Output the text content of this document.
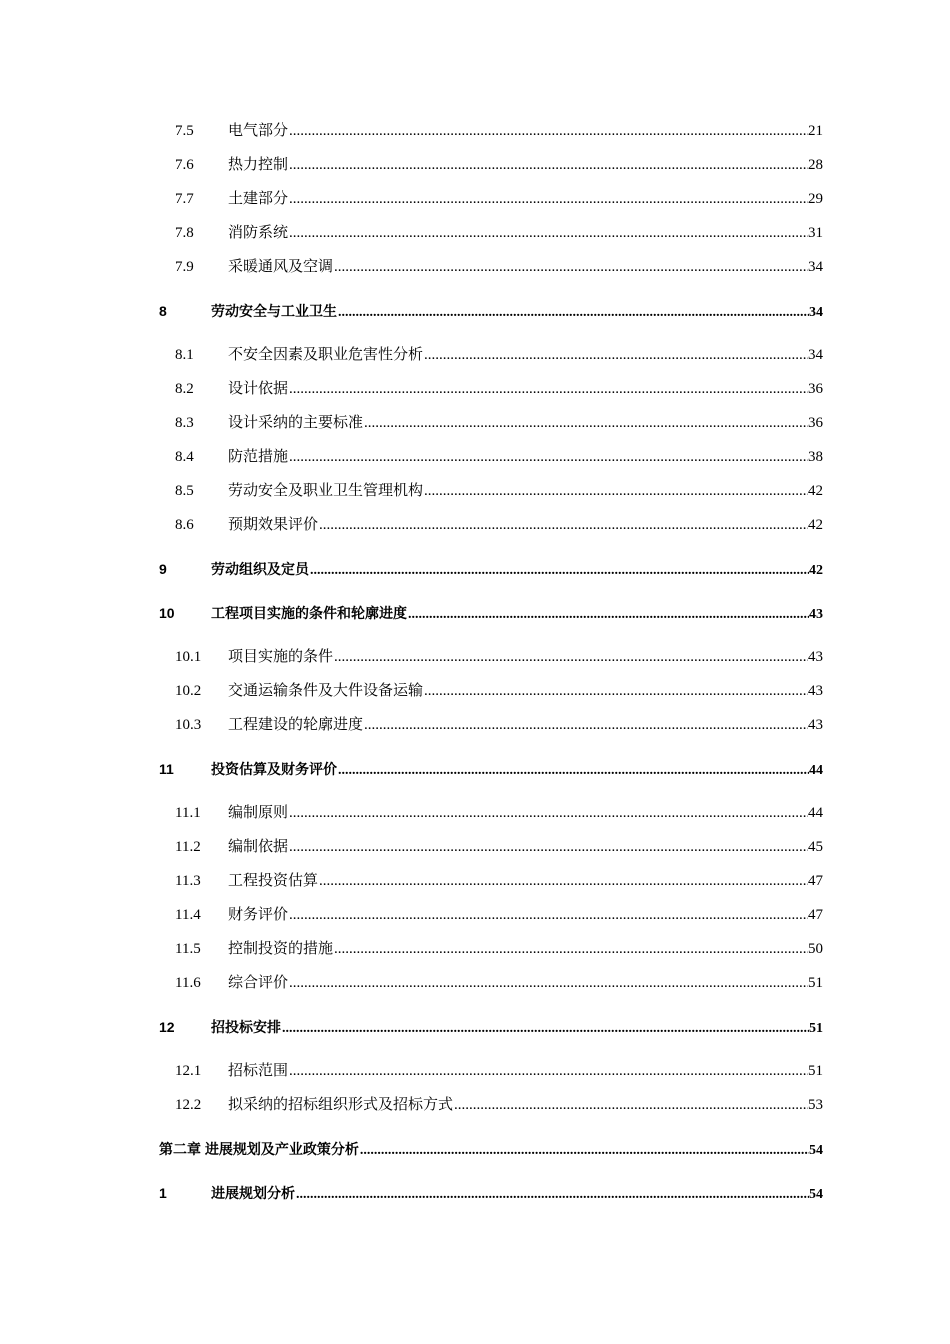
7.5 电气部分 .....	21
7.6 热力控制 .....	28
7.7 土建部分 .....	29
7.8 消防系统 .....	31
7.9 采暖通风及空调 .....	34
8	劳动安全与工业卫生 .....	34
8.1 不安全因素及职业危害性分析 .....	34
8.2 设计依据 .....	36
8.3 设计采纳的主要标准 .....	36
8.4 防范措施 .....	38
8.5 劳动安全及职业卫生管理机构 .....	42
8.6 预期效果评价 .....	42
9	劳动组织及定员 .....	42
10	工程项目实施的条件和轮廓进度 .....	43
10.1 项目实施的条件 .....	43
10.2 交通运输条件及大件设备运输 .....	43
10.3 工程建设的轮廓进度 .....	43
11	投资估算及财务评价 .....	44
11.1 编制原则 .....	44
11.2 编制依据 .....	45
11.3 工程投资估算 .....	47
11.4 财务评价 .....	47
11.5 控制投资的措施 .....	50
11.6 综合评价 .....	51
12	招投标安排 .....	51
12.1 招标范围 .....	51
12.2 拟采纳的招标组织形式及招标方式 .....	53
第二章 进展规划及产业政策分析 .....	54
1	进展规划分析 .....	54
